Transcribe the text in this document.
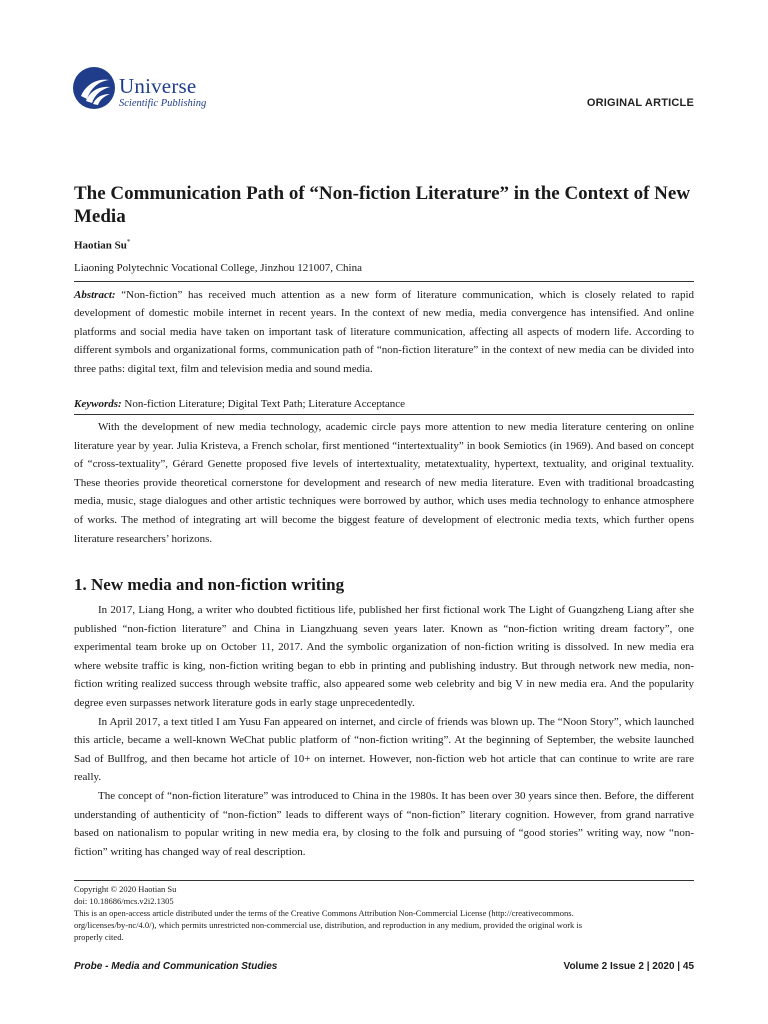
Universe
Scientific Publishing	ORIGINAL ARTICLE
The Communication Path of “Non-fiction Literature” in the Context of New Media
Haotian Su*
Liaoning Polytechnic Vocational College, Jinzhou 121007, China
Abstract: “Non-fiction” has received much attention as a new form of literature communication, which is closely related to rapid development of domestic mobile internet in recent years. In the context of new media, media convergence has intensified. And online platforms and social media have taken on important task of literature communication, affecting all aspects of modern life. According to different symbols and organizational forms, communication path of “non-fiction literature” in the context of new media can be divided into three paths: digital text, film and television media and sound media.
Keywords: Non-fiction Literature; Digital Text Path; Literature Acceptance

With the development of new media technology, academic circle pays more attention to new media literature centering on online literature year by year. Julia Kristeva, a French scholar, first mentioned “intertextuality” in book Semiotics (in 1969). And based on concept of “cross-textuality”, Gérard Genette proposed five levels of intertextuality, metatextuality, hypertext, textuality, and original textuality. These theories provide theoretical cornerstone for development and research of new media literature. Even with traditional broadcasting media, music, stage dialogues and other artistic techniques were borrowed by author, which uses media technology to enhance atmosphere of works. The method of integrating art will become the biggest feature of development of electronic media texts, which further opens literature researchers’ horizons.

1. New media and non-fiction writing

In 2017, Liang Hong, a writer who doubted fictitious life, published her first fictional work The Light of Guangzheng Liang after she published “non-fiction literature” and China in Liangzhuang seven years later. Known as “non-fiction writing dream factory”, one experimental team broke up on October 11, 2017. And the symbolic organization of non-fiction writing is dissolved. In new media era where website traffic is king, non-fiction writing began to ebb in printing and publishing industry. But through network new media, non-fiction writing realized success through website traffic, also appeared some web celebrity and big V in new media era. And the popularity degree even surpasses network literature gods in early stage unprecedentedly.

In April 2017, a text titled I am Yusu Fan appeared on internet, and circle of friends was blown up. The “Noon Story”, which launched this article, became a well-known WeChat public platform of “non-fiction writing”. At the beginning of September, the website launched Sad of Bullfrog, and then became hot article of 10+ on internet. However, non-fiction web hot article that can continue to write are rare really.

The concept of “non-fiction literature” was introduced to China in the 1980s. It has been over 30 years since then. Before, the different understanding of authenticity of “non-fiction” leads to different ways of “non-fiction” literary cognition. However, from grand narrative based on nationalism to popular writing in new media era, by closing to the folk and pursuing of “good stories” writing way, now “non-fiction” writing has changed way of real description.

Copyright © 2020 Haotian Su
doi: 10.18686/mcs.v2i2.1305
This is an open-access article distributed under the terms of the Creative Commons Attribution Non-Commercial License (http://creativecommons.
org/licenses/by-nc/4.0/), which permits unrestricted non-commercial use, distribution, and reproduction in any medium, provided the original work is
properly cited.
Probe - Media and Communication Studies	Volume 2 Issue 2 | 2020 | 45
